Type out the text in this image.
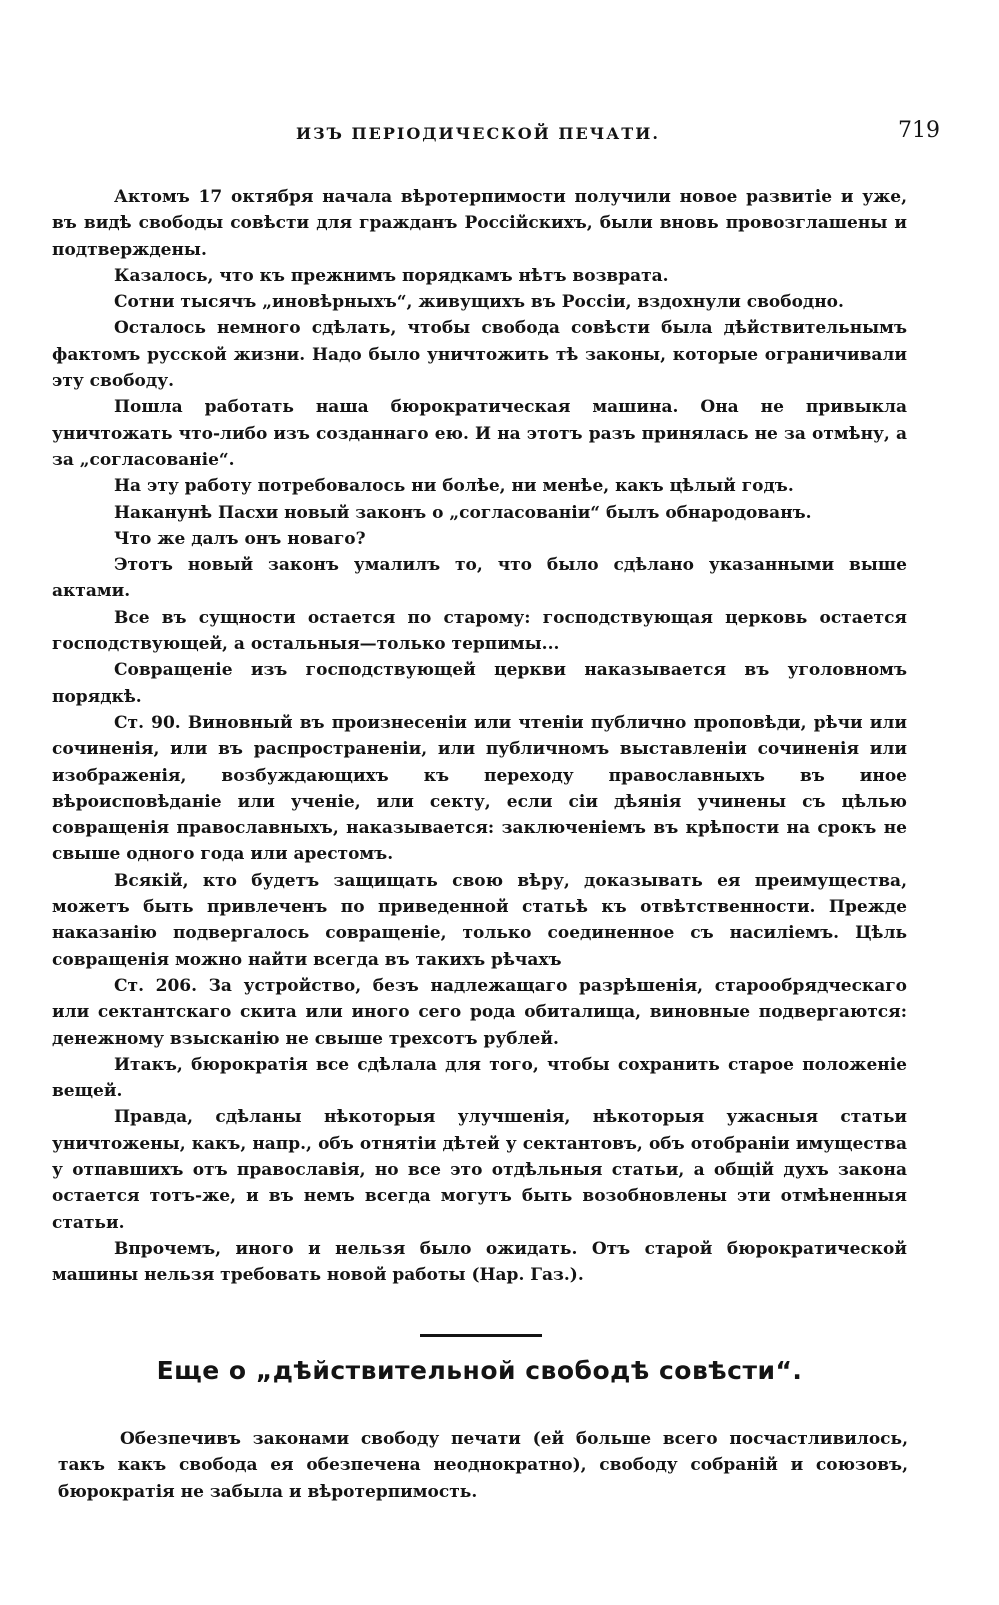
ИЗЪ ПЕРІОДИЧЕСКОЙ ПЕЧАТИ.	719

Актомъ 17 октября начала вѣротерпимости получили новое развитіе и уже, въ видѣ свободы совѣсти для гражданъ Россійскихъ, были вновь провозглашены и подтверждены.

Казалось, что къ прежнимъ порядкамъ нѣтъ возврата.

Сотни тысячъ „иновѣрныхъ“, живущихъ въ Россіи, вздохнули свободно.

Осталось немного сдѣлать, чтобы свобода совѣсти была дѣйствительнымъ фактомъ русской жизни. Надо было уничтожить тѣ законы, которые ограничивали эту свободу.

Пошла работать наша бюрократическая машина. Она не привыкла уничтожать что-либо изъ созданнаго ею. И на этотъ разъ принялась не за отмѣну, а за „согласованіе“.

На эту работу потребовалось ни болѣе, ни менѣе, какъ цѣлый годъ.

Наканунѣ Пасхи новый законъ о „согласованіи“ былъ обнародованъ.

Что же далъ онъ новаго?

Этотъ новый законъ умалилъ то, что было сдѣлано указанными выше актами.

Все въ сущности остается по старому: господствующая церковь остается господствующей, а остальныя—только терпимы...

Совращеніе изъ господствующей церкви наказывается въ уголовномъ порядкѣ.

Ст. 90. Виновный въ произнесеніи или чтеніи публично проповѣди, рѣчи или сочиненія, или въ распространеніи, или публичномъ выставленіи сочиненія или изображенія, возбуждающихъ къ переходу православныхъ въ иное вѣроисповѣданіе или ученіе, или секту, если сіи дѣянія учинены съ цѣлью совращенія православныхъ, наказывается: заключеніемъ въ крѣпости на срокъ не свыше одного года или арестомъ.

Всякій, кто будетъ защищать свою вѣру, доказывать ея преимущества, можетъ быть привлеченъ по приведенной статьѣ къ отвѣтственности. Прежде наказанію подвергалось совращеніе, только соединенное съ насиліемъ. Цѣль совращенія можно найти всегда въ такихъ рѣчахъ

Ст. 206. За устройство, безъ надлежащаго разрѣшенія, старообрядческаго или сектантскаго скита или иного сего рода обиталища, виновные подвергаются: денежному взысканію не свыше трехсотъ рублей.

Итакъ, бюрократія все сдѣлала для того, чтобы сохранить старое положеніе вещей.

Правда, сдѣланы нѣкоторыя улучшенія, нѣкоторыя ужасныя статьи уничтожены, какъ, напр., объ отнятіи дѣтей у сектантовъ, объ отобраніи имущества у отпавшихъ отъ православія, но все это отдѣльныя статьи, а общій духъ закона остается тотъ-же, и въ немъ всегда могутъ быть возобновлены эти отмѣненныя статьи.

Впрочемъ, иного и нельзя было ожидать. Отъ старой бюрократической машины нельзя требовать новой работы (Нар. Газ.).

Еще о „дѣйствительной свободѣ совѣсти“.

Обезпечивъ законами свободу печати (ей больше всего посчастливилось, такъ какъ свобода ея обезпечена неоднократно), свободу собраній и союзовъ, бюрократія не забыла и вѣротерпимость.
